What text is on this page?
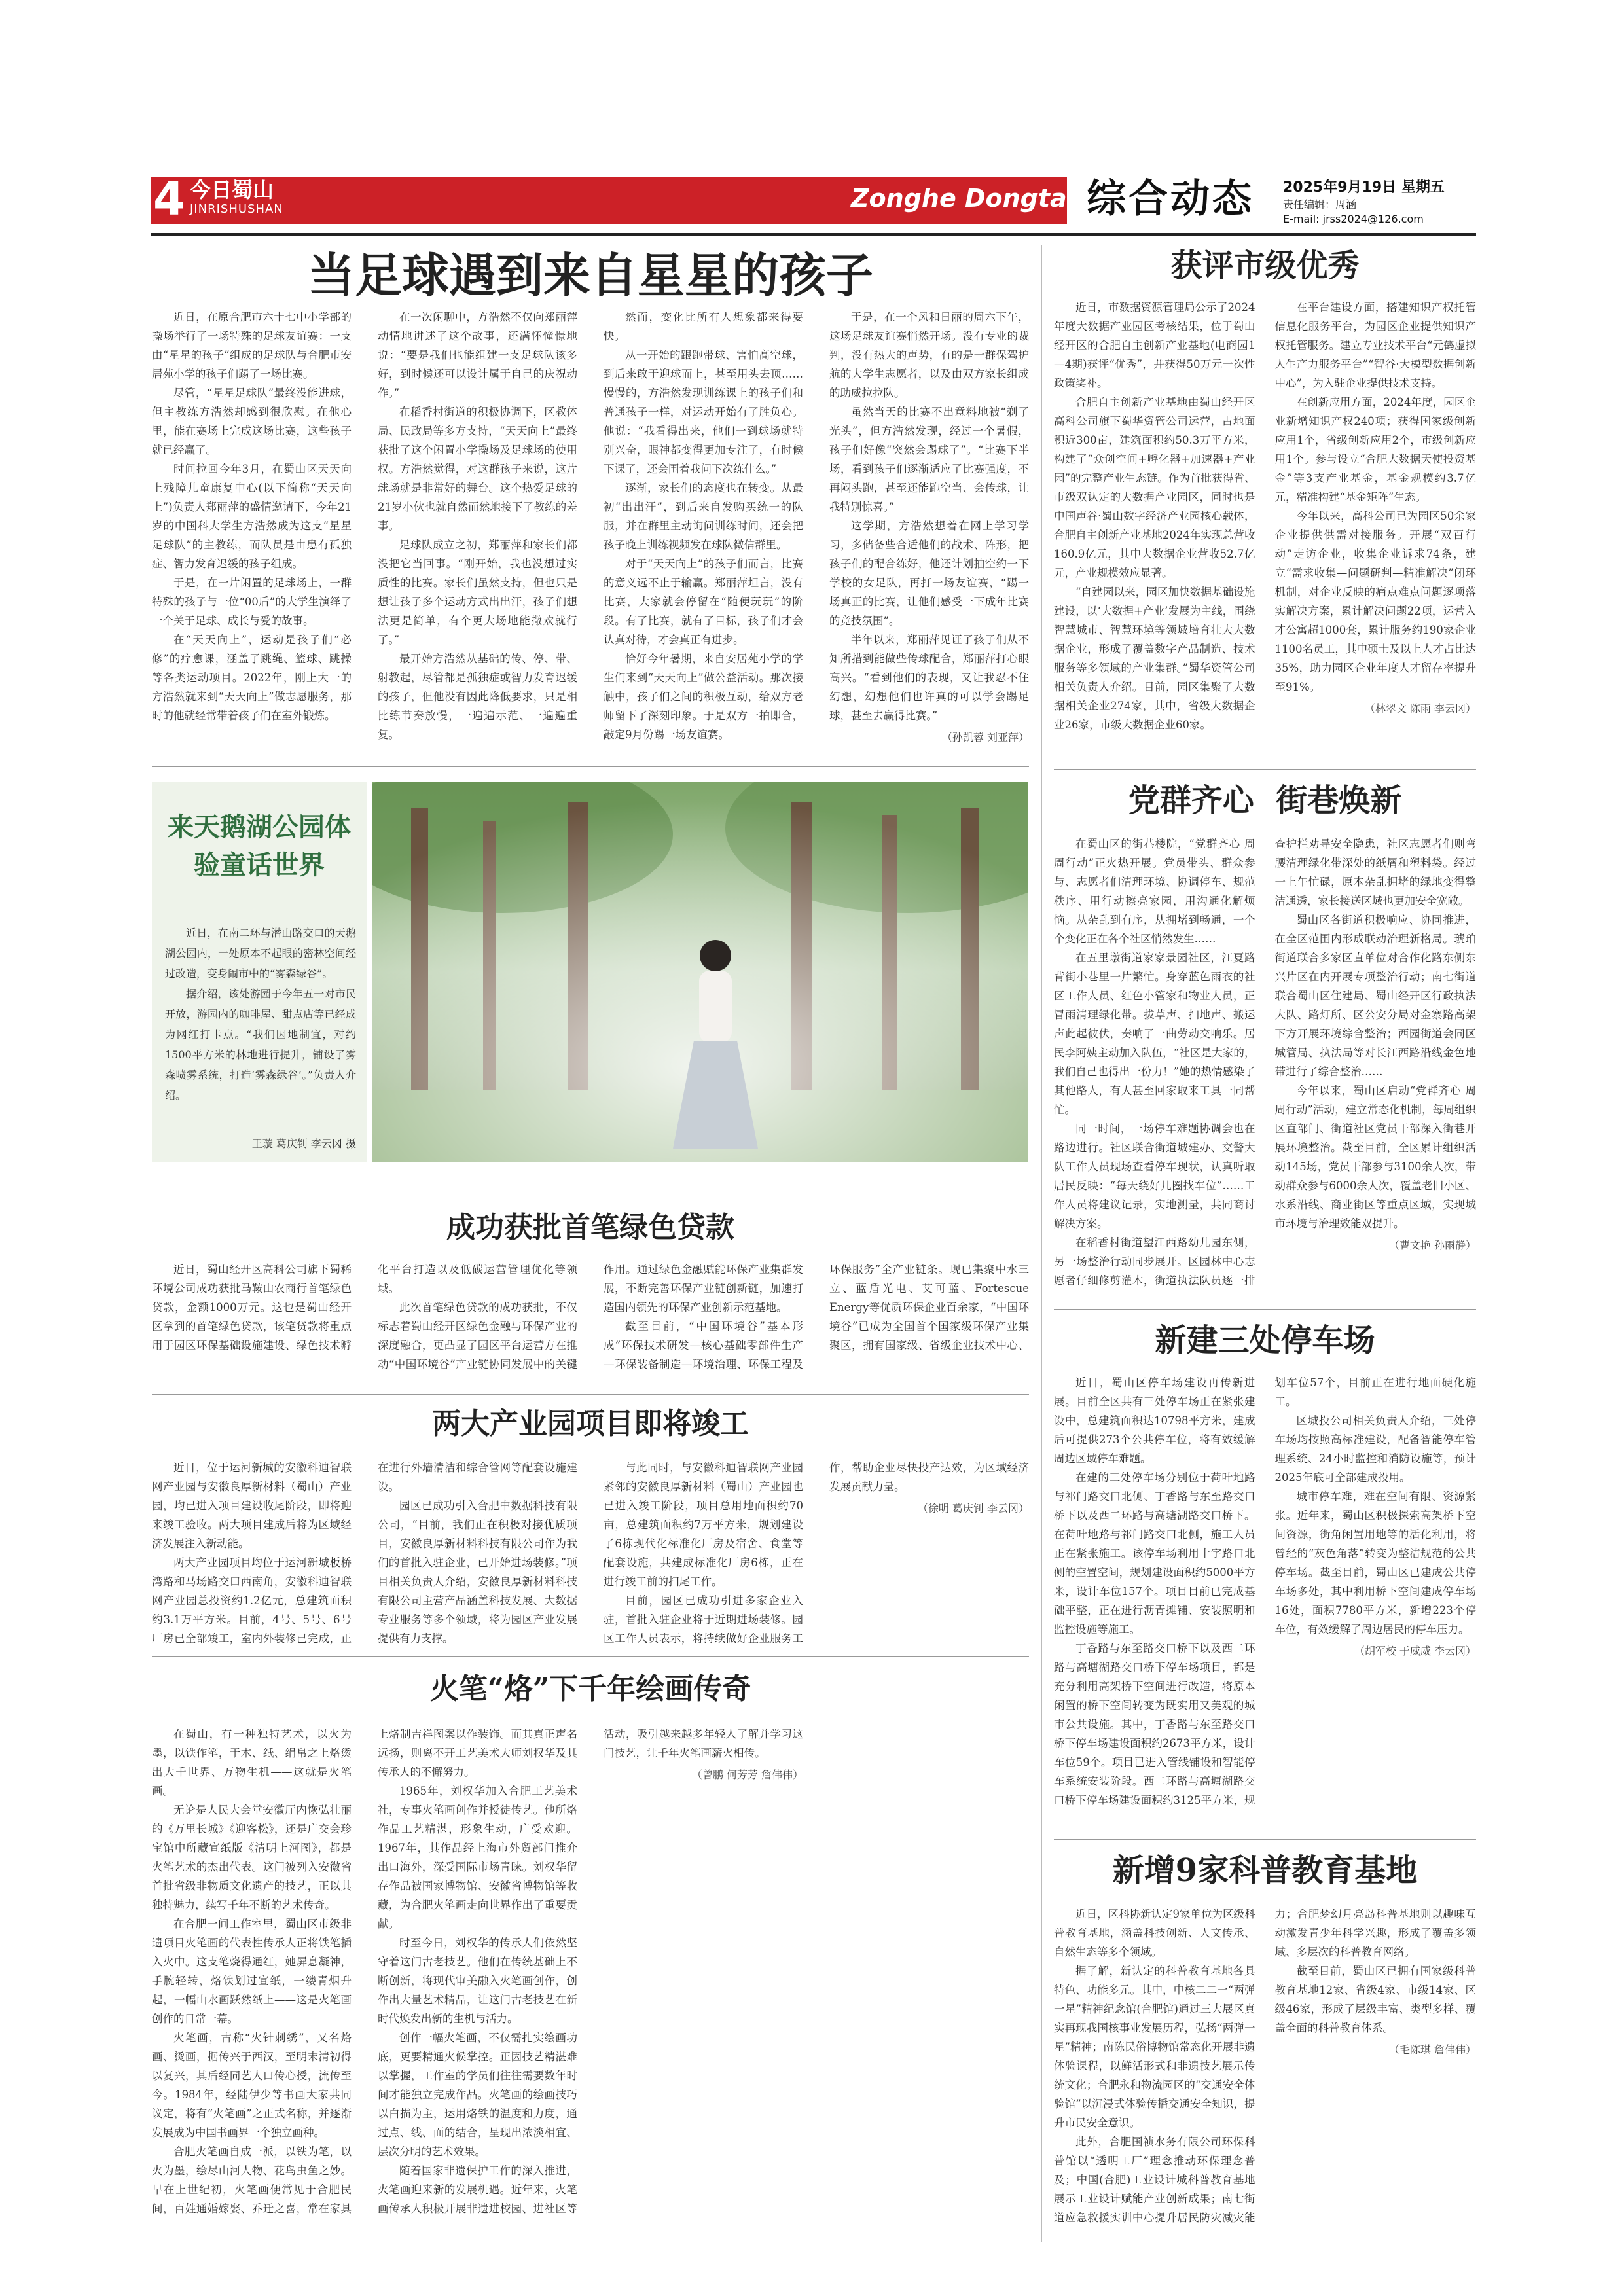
4 今日蜀山
JINRISHUSHAN	Zonghe Dongtai 综合动态 2025年9月19日 星期五
责任编辑：周涵
E-mail: jrss2024@126.com
当足球遇到来自星星的孩子

近日，在原合肥市六十七中小学部的操场举行了一场特殊的足球友谊赛：一支由“星星的孩子”组成的足球队与合肥市安居苑小学的孩子们踢了一场比赛。

尽管，“星星足球队”最终没能进球，但主教练方浩然却感到很欣慰。在他心里，能在赛场上完成这场比赛，这些孩子就已经赢了。

时间拉回今年3月，在蜀山区天天向上残障儿童康复中心(以下简称“天天向上”)负责人郑丽萍的盛情邀请下，今年21岁的中国科大学生方浩然成为这支“星星足球队”的主教练，而队员是由患有孤独症、智力发育迟缓的孩子组成。

于是，在一片闲置的足球场上，一群特殊的孩子与一位“00后”的大学生演绎了一个关于足球、成长与爱的故事。

在“天天向上”，运动是孩子们“必修”的疗愈课，涵盖了跳绳、篮球、跳操等各类运动项目。2022年，刚上大一的方浩然就来到“天天向上”做志愿服务，那时的他就经常带着孩子们在室外锻炼。

在一次闲聊中，方浩然不仅向郑丽萍动情地讲述了这个故事，还满怀憧憬地说：“要是我们也能组建一支足球队该多好，到时候还可以设计属于自己的庆祝动作。”

在稻香村街道的积极协调下，区教体局、民政局等多方支持，“天天向上”最终获批了这个闲置小学操场及足球场的使用权。方浩然觉得，对这群孩子来说，这片球场就是非常好的舞台。这个热爱足球的21岁小伙也就自然而然地接下了教练的差事。

足球队成立之初，郑丽萍和家长们都没把它当回事。“刚开始，我也没想过实质性的比赛。家长们虽然支持，但也只是想让孩子多个运动方式出出汗，孩子们想法更是简单，有个更大场地能撒欢就行了。”

最开始方浩然从基础的传、停、带、射教起，尽管都是孤独症或智力发育迟缓的孩子，但他没有因此降低要求，只是相比练节奏放慢，一遍遍示范、一遍遍重复。

然而，变化比所有人想象都来得要快。

从一开始的跟跑带球、害怕高空球，到后来敢于迎球而上，甚至用头去顶……慢慢的，方浩然发现训练课上的孩子们和普通孩子一样，对运动开始有了胜负心。他说：“我看得出来，他们一到球场就特别兴奋，眼神都变得更加专注了，有时候下课了，还会围着我问下次练什么。”

逐渐，家长们的态度也在转变。从最初“出出汗”，到后来自发购买统一的队服，并在群里主动询问训练时间，还会把孩子晚上训练视频发在球队微信群里。

对于“天天向上”的孩子们而言，比赛的意义远不止于输赢。郑丽萍坦言，没有比赛，大家就会停留在“随便玩玩”的阶段。有了比赛，就有了目标，孩子们才会认真对待，才会真正有进步。

恰好今年暑期，来自安居苑小学的学生们来到“天天向上”做公益活动。那次接触中，孩子们之间的积极互动，给双方老师留下了深刻印象。于是双方一拍即合，敲定9月份踢一场友谊赛。

于是，在一个风和日丽的周六下午，这场足球友谊赛悄然开场。没有专业的裁判，没有热大的声势，有的是一群保驾护航的大学生志愿者，以及由双方家长组成的助威拉拉队。

虽然当天的比赛不出意料地被“剃了光头”，但方浩然发现，经过一个暑假，孩子们好像“突然会踢球了”。“比赛下半场，看到孩子们逐渐适应了比赛强度，不再闷头跑，甚至还能跑空当、会传球，让我特别惊喜。”

这学期，方浩然想着在网上学习学习，多储备些合适他们的战术、阵形，把孩子们的配合练好，他还计划抽空约一下学校的女足队，再打一场友谊赛，“踢一场真正的比赛，让他们感受一下成年比赛的竞技氛围”。

半年以来，郑丽萍见证了孩子们从不知所措到能做些传球配合，郑丽萍打心眼高兴。“看到他们的表现，又让我忍不住幻想，幻想他们也许真的可以学会踢足球，甚至去赢得比赛。”

（孙凯蓉 刘亚萍）
来天鹅湖公园体验童话世界

近日，在南二环与潜山路交口的天鹅湖公园内，一处原本不起眼的密林空间经过改造，变身闹市中的“雾森绿谷”。

据介绍，该处游园于今年五一对市民开放，游园内的咖啡屋、甜点店等已经成为网红打卡点。“我们因地制宜，对约1500平方米的林地进行提升，铺设了雾森喷雾系统，打造‘雾森绿谷’。”负责人介绍。

王璇 葛庆钊 李云冈 摄
成功获批首笔绿色贷款

近日，蜀山经开区高科公司旗下蜀稀环境公司成功获批马鞍山农商行首笔绿色贷款，金额1000万元。这也是蜀山经开区拿到的首笔绿色贷款，该笔贷款将重点用于园区环保基础设施建设、绿色技术孵化平台打造以及低碳运营管理优化等领域。

此次首笔绿色贷款的成功获批，不仅标志着蜀山经开区绿色金融与环保产业的深度融合，更凸显了园区平台运营方在推动“中国环境谷”产业链协同发展中的关键作用。通过绿色金融赋能环保产业集群发展，不断完善环保产业链创新链，加速打造国内领先的环保产业创新示范基地。

截至目前，“中国环境谷”基本形成“环保技术研发—核心基础零部件生产—环保装备制造—环境治理、环保工程及环保服务”全产业链条。现已集聚中水三立、蓝盾光电、艾可蓝、Fortescue Energy等优质环保企业百余家，“中国环境谷”已成为全国首个国家级环保产业集聚区，拥有国家级、省级企业技术中心、

两大产业园项目即将竣工

近日，位于运河新城的安徽科迪智联网产业园与安徽良厚新材料（蜀山）产业园，均已进入项目建设收尾阶段，即将迎来竣工验收。两大项目建成后将为区域经济发展注入新动能。

两大产业园项目均位于运河新城板桥湾路和马场路交口西南角，安徽科迪智联网产业园总投资约1.2亿元，总建筑面积约3.1万平方米。目前，4号、5号、6号厂房已全部竣工，室内外装修已完成，正在进行外墙清洁和综合管网等配套设施建设。

园区已成功引入合肥中数据科技有限公司，“目前，我们正在积极对接优质项目，安徽良厚新材料科技有限公司作为我们的首批入驻企业，已开始进场装修。”项目相关负责人介绍，安徽良厚新材料科技有限公司主营产品涵盖科技发展、大数据专业服务等多个领域，将为园区产业发展提供有力支撑。

与此同时，与安徽科迪智联网产业园紧邻的安徽良厚新材料（蜀山）产业园也已进入竣工阶段，项目总用地面积约70亩，总建筑面积约7万平方米，规划建设了6栋现代化标准化厂房及宿舍、食堂等配套设施，共建成标准化厂房6栋，正在进行竣工前的扫尾工作。

目前，园区已成功引进多家企业入驻，首批入驻企业将于近期进场装修。园区工作人员表示，将持续做好企业服务工作，帮助企业尽快投产达效，为区域经济发展贡献力量。

（徐明 葛庆钊 李云冈）
火笔“烙”下千年绘画传奇

在蜀山，有一种独特艺术，以火为墨，以铁作笔，于木、纸、绢帛之上烙烫出大千世界、万物生机——这就是火笔画。

无论是人民大会堂安徽厅内恢弘壮丽的《万里长城》《迎客松》，还是广交会珍宝馆中所藏宣纸版《清明上河图》，都是火笔艺术的杰出代表。这门被列入安徽省首批省级非物质文化遗产的技艺，正以其独特魅力，续写千年不断的艺术传奇。

在合肥一间工作室里，蜀山区市级非遗项目火笔画的代表性传承人正将铁笔插入火中。这支笔烧得通红，她屏息凝神，手腕轻转，烙铁划过宣纸，一缕青烟升起，一幅山水画跃然纸上——这是火笔画创作的日常一幕。

火笔画，古称“火针刺绣”，又名烙画、烫画，据传兴于西汉，至明末清初得以复兴，其后经同艺人口传心授，流传至今。1984年，经陆伊少等书画大家共同议定，将有“火笔画”之正式名称，并逐渐发展成为中国书画界一个独立画种。

合肥火笔画自成一派，以铁为笔，以火为墨，绘尽山河人物、花鸟虫鱼之妙。早在上世纪初，火笔画便常见于合肥民间，百姓通婚嫁娶、乔迁之喜，常在家具上烙制吉祥图案以作装饰。而其真正声名远扬，则离不开工艺美术大师刘权华及其传承人的不懈努力。

1965年，刘权华加入合肥工艺美术社，专事火笔画创作并授徒传艺。他所烙作品工艺精湛，形象生动，广受欢迎。1967年，其作品经上海市外贸部门推介出口海外，深受国际市场青睐。刘权华留存作品被国家博物馆、安徽省博物馆等收藏，为合肥火笔画走向世界作出了重要贡献。

时至今日，刘权华的传承人们依然坚守着这门古老技艺。他们在传统基础上不断创新，将现代审美融入火笔画创作，创作出大量艺术精品，让这门古老技艺在新时代焕发出新的生机与活力。

创作一幅火笔画，不仅需扎实绘画功底，更要精通火候掌控。正因技艺精湛难以掌握，工作室的学员们往往需要数年时间才能独立完成作品。火笔画的绘画技巧以白描为主，运用烙铁的温度和力度，通过点、线、面的结合，呈现出浓淡相宜、层次分明的艺术效果。

随着国家非遗保护工作的深入推进，火笔画迎来新的发展机遇。近年来，火笔画传承人积极开展非遗进校园、进社区等活动，吸引越来越多年轻人了解并学习这门技艺，让千年火笔画薪火相传。

（曾鹏 何芳芳 詹伟伟）
获评市级优秀

近日，市数据资源管理局公示了2024年度大数据产业园区考核结果，位于蜀山经开区的合肥自主创新产业基地(电商园1—4期)获评“优秀”，并获得50万元一次性政策奖补。

合肥自主创新产业基地由蜀山经开区高科公司旗下蜀华资管公司运营，占地面积近300亩，建筑面积约50.3万平方米，构建了“众创空间+孵化器+加速器+产业园”的完整产业生态链。作为首批获得省、市级双认定的大数据产业园区，同时也是中国声谷·蜀山数字经济产业园核心载体，合肥自主创新产业基地2024年实现总营收160.9亿元，其中大数据企业营收52.7亿元，产业规模效应显著。

“自建园以来，园区加快数据基础设施建设，以‘大数据+产业’发展为主线，围绕智慧城市、智慧环境等领域培育壮大大数据企业，形成了覆盖数字产品制造、技术服务等多领域的产业集群。”蜀华资管公司相关负责人介绍。目前，园区集聚了大数据相关企业274家，其中，省级大数据企业26家，市级大数据企业60家。

在平台建设方面，搭建知识产权托管信息化服务平台，为园区企业提供知识产权托管服务。建立专业技术平台“元鹤虚拟人生产力服务平台”“智谷·大模型数据创新中心”，为入驻企业提供技术支持。

在创新应用方面，2024年度，园区企业新增知识产权240项；获得国家级创新应用1个，省级创新应用2个，市级创新应用1个。参与设立“合肥大数据天使投资基金”等3支产业基金，基金规模约3.7亿元，精准构建“基金矩阵”生态。

今年以来，高科公司已为园区50余家企业提供供需对接服务。开展“双百行动”走访企业，收集企业诉求74条，建立“需求收集—问题研判—精准解决”闭环机制，对企业反映的痛点难点问题逐项落实解决方案，累计解决问题22项，运营入才公寓超1000套，累计服务约190家企业1100名员工，其中硕士及以上人才占比达35%，助力园区企业年度人才留存率提升至91%。

（林翠文 陈雨 李云冈）
党群齐心  街巷焕新

在蜀山区的街巷楼院，“党群齐心 周周行动”正火热开展。党员带头、群众参与、志愿者们清理环境、协调停车、规范秩序、用行动擦亮家园，用沟通化解烦恼。从杂乱到有序，从拥堵到畅通，一个个变化正在各个社区悄然发生……

在五里墩街道家家景园社区，江夏路背街小巷里一片繁忙。身穿蓝色雨衣的社区工作人员、红色小管家和物业人员，正冒雨清理绿化带。拔草声、扫地声、搬运声此起彼伏，奏响了一曲劳动交响乐。居民李阿姨主动加入队伍，“社区是大家的，我们自己也得出一份力！”她的热情感染了其他路人，有人甚至回家取来工具一同帮忙。

同一时间，一场停车难题协调会也在路边进行。社区联合街道城建办、交警大队工作人员现场查看停车现状，认真听取居民反映：“每天绕好几圈找车位”……工作人员将建议记录，实地测量，共同商讨解决方案。

在稻香村街道望江西路幼儿园东侧，另一场整治行动同步展开。区园林中心志愿者仔细修剪灌木，街道执法队员逐一排查护栏劝导安全隐患，社区志愿者们则弯腰清理绿化带深处的纸屑和塑料袋。经过一上午忙碌，原本杂乱拥堵的绿地变得整洁通透，家长接送区域也更加安全宽敞。

蜀山区各街道积极响应、协同推进，在全区范围内形成联动治理新格局。琥珀街道联合多家区直单位对合作化路东侧东兴片区在内开展专项整治行动；南七街道联合蜀山区住建局、蜀山经开区行政执法大队、路灯所、区公安分局对金寨路高架下方开展环境综合整治；西园街道会同区城管局、执法局等对长江西路沿线金色地带进行了综合整治……

今年以来，蜀山区启动“党群齐心 周周行动”活动，建立常态化机制，每周组织区直部门、街道社区党员干部深入街巷开展环境整治。截至目前，全区累计组织活动145场，党员干部参与3100余人次，带动群众参与6000余人次，覆盖老旧小区、水系沿线、商业街区等重点区域，实现城市环境与治理效能双提升。

（曹文艳 孙雨静）
新建三处停车场

近日，蜀山区停车场建设再传新进展。目前全区共有三处停车场正在紧张建设中，总建筑面积达10798平方米，建成后可提供273个公共停车位，将有效缓解周边区域停车难题。

在建的三处停车场分别位于荷叶地路与祁门路交口北侧、丁香路与东至路交口桥下以及西二环路与高塘湖路交口桥下。在荷叶地路与祁门路交口北侧，施工人员正在紧张施工。该停车场利用十字路口北侧的空置空间，规划建设面积约5000平方米，设计车位157个。项目目前已完成基础平整，正在进行沥青摊铺、安装照明和监控设施等施工。

丁香路与东至路交口桥下以及西二环路与高塘湖路交口桥下停车场项目，都是充分利用高架桥下空间进行改造，将原本闲置的桥下空间转变为既实用又美观的城市公共设施。其中，丁香路与东至路交口桥下停车场建设面积约2673平方米，设计车位59个。项目已进入管线铺设和智能停车系统安装阶段。西二环路与高塘湖路交口桥下停车场建设面积约3125平方米，规划车位57个，目前正在进行地面硬化施工。

区城投公司相关负责人介绍，三处停车场均按照高标准建设，配备智能停车管理系统、24小时监控和消防设施等，预计2025年底可全部建成投用。

城市停车难，难在空间有限、资源紧张。近年来，蜀山区积极探索高架桥下空间资源，街角闲置用地等的活化利用，将曾经的“灰色角落”转变为整洁规范的公共停车场。截至目前，蜀山区已建成公共停车场多处，其中利用桥下空间建成停车场16处，面积7780平方米，新增223个停车位，有效缓解了周边居民的停车压力。

（胡军校 于威威 李云冈）
新增9家科普教育基地

近日，区科协新认定9家单位为区级科普教育基地，涵盖科技创新、人文传承、自然生态等多个领域。

据了解，新认定的科普教育基地各具特色、功能多元。其中，中核二二一“两弹一星”精神纪念馆(合肥馆)通过三大展区真实再现我国核事业发展历程，弘扬“两弹一星”精神；南陈民俗博物馆常态化开展非遗体验课程，以鲜活形式和非遗技艺展示传统文化；合肥永和物流园区的“交通安全体验馆”以沉浸式体验传播交通安全知识，提升市民安全意识。

此外，合肥国祯水务有限公司环保科普馆以“透明工厂”理念推动环保理念普及；中国(合肥)工业设计城科普教育基地展示工业设计赋能产业创新成果；南七街道应急救援实训中心提升居民防灾减灾能力；合肥梦幻月亮岛科普基地则以趣味互动激发青少年科学兴趣，形成了覆盖多领域、多层次的科普教育网络。

截至目前，蜀山区已拥有国家级科普教育基地12家、省级4家、市级14家、区级46家，形成了层级丰富、类型多样、覆盖全面的科普教育体系。

（毛陈琪 詹伟伟）
